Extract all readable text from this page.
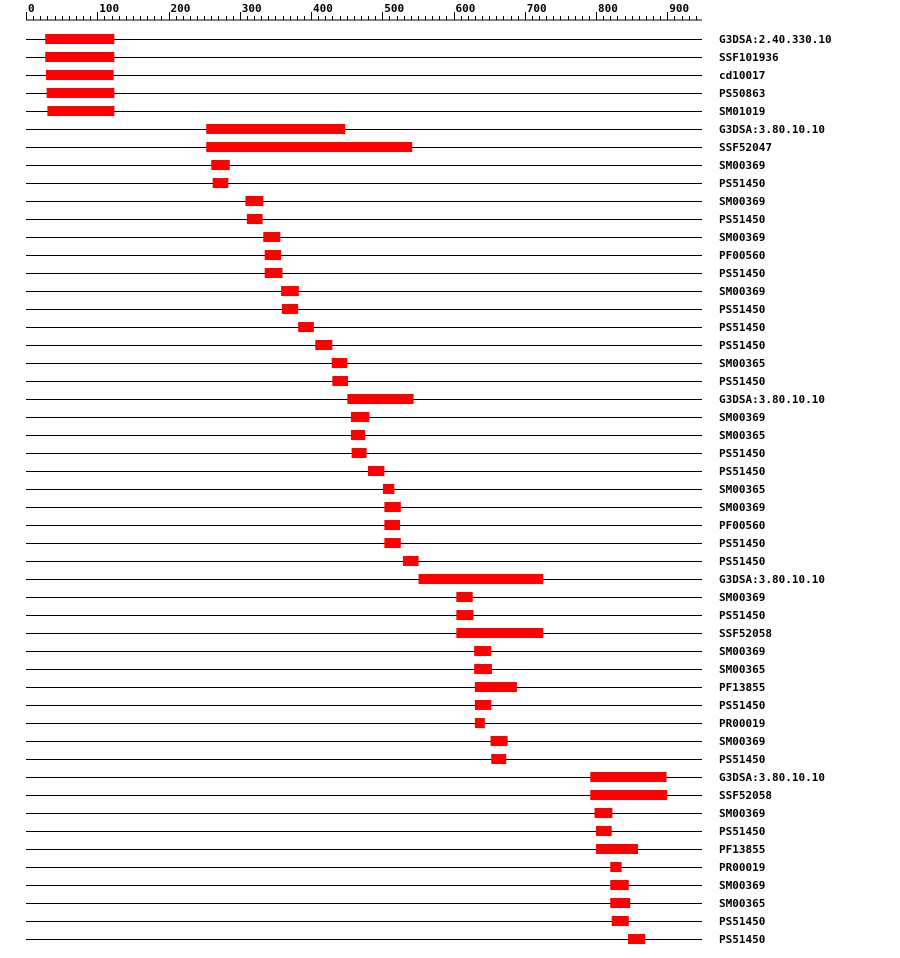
0	100	200	300	400	500	600	700	800	900
G3DSA:2.40.330.10
SSF101936
cd10017
PS50863
SM01019
G3DSA:3.80.10.10
SSF52047
SM00369
PS51450
SM00369
PS51450
SM00369
PF00560
PS51450
SM00369
PS51450
PS51450
PS51450
SM00365
PS51450
G3DSA:3.80.10.10
SM00369
SM00365
PS51450
PS51450
SM00365
SM00369
PF00560
PS51450
PS51450
G3DSA:3.80.10.10
SM00369
PS51450
SSF52058
SM00369
SM00365
PF13855
PS51450
PR00019
SM00369
PS51450
G3DSA:3.80.10.10
SSF52058
SM00369
PS51450
PF13855
PR00019
SM00369
SM00365
PS51450
PS51450
